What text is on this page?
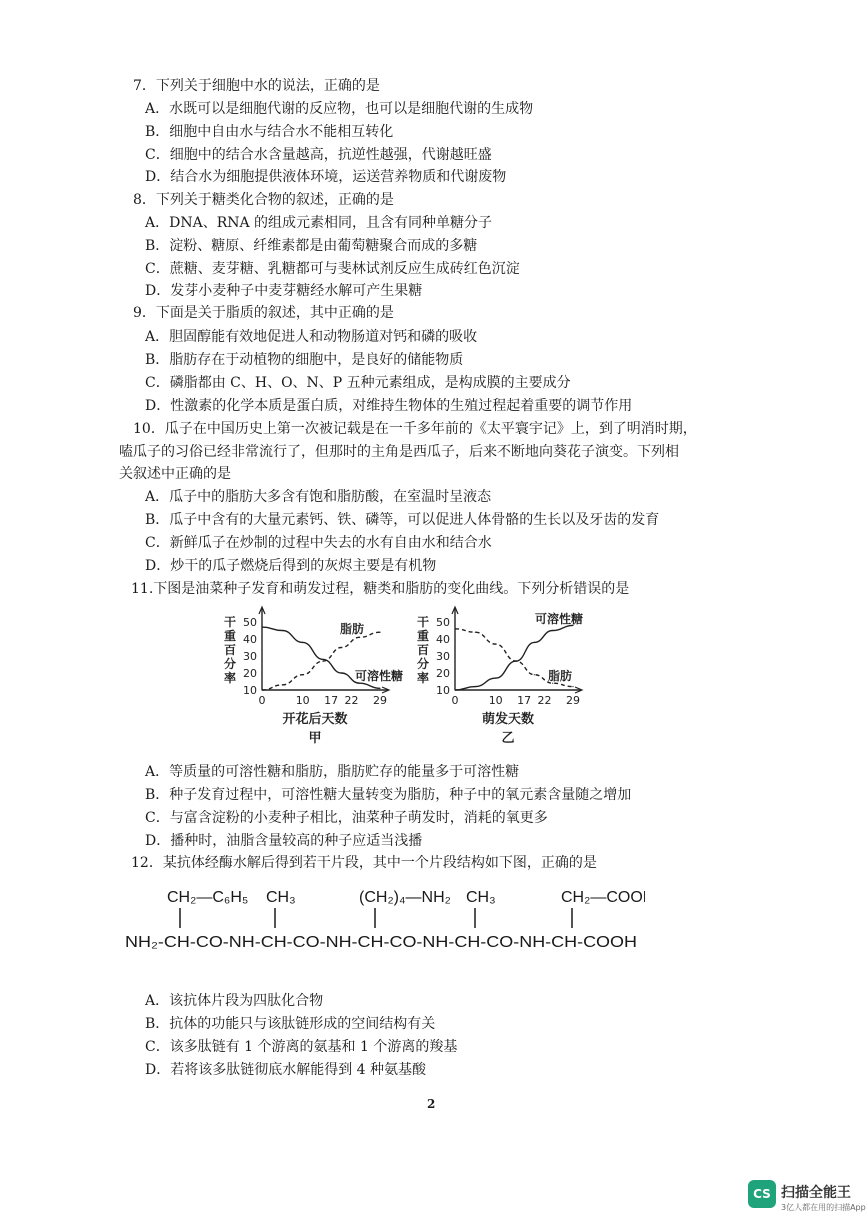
7．下列关于细胞中水的说法，正确的是
A．水既可以是细胞代谢的反应物，也可以是细胞代谢的生成物
B．细胞中自由水与结合水不能相互转化
C．细胞中的结合水含量越高，抗逆性越强，代谢越旺盛
D．结合水为细胞提供液体环境，运送营养物质和代谢废物
8．下列关于糖类化合物的叙述，正确的是
A．DNA、RNA 的组成元素相同，且含有同种单糖分子
B．淀粉、糖原、纤维素都是由葡萄糖聚合而成的多糖
C．蔗糖、麦芽糖、乳糖都可与斐林试剂反应生成砖红色沉淀
D．发芽小麦种子中麦芽糖经水解可产生果糖
9．下面是关于脂质的叙述，其中正确的是
A．胆固醇能有效地促进人和动物肠道对钙和磷的吸收
B．脂肪存在于动植物的细胞中，是良好的储能物质
C．磷脂都由 C、H、O、N、P 五种元素组成，是构成膜的主要成分
D．性激素的化学本质是蛋白质，对维持生物体的生殖过程起着重要的调节作用
10．瓜子在中国历史上第一次被记载是在一千多年前的《太平寰宇记》上，到了明消时期，
嗑瓜子的习俗已经非常流行了，但那时的主角是西瓜子，后来不断地向葵花子演变。下列相
关叙述中正确的是
A．瓜子中的脂肪大多含有饱和脂肪酸，在室温时呈液态
B．瓜子中含有的大量元素钙、铁、磷等，可以促进人体骨骼的生长以及牙齿的发育
C．新鲜瓜子在炒制的过程中失去的水有自由水和结合水
D．炒干的瓜子燃烧后得到的灰烬主要是有机物
11.下图是油菜种子发育和萌发过程，糖类和脂肪的变化曲线。下列分析错误的是
10
20
30
40
50
0	10 17 22 29
干
重
百
分
率
开花后天数
甲
脂肪
可溶性糖
10
20
30
40
50
0	10 17 22 29
干
重
百
分
率
萌发天数
乙
可溶性糖
脂肪
A．等质量的可溶性糖和脂肪，脂肪贮存的能量多于可溶性糖
B．种子发育过程中，可溶性糖大量转变为脂肪，种子中的氧元素含量随之增加
C．与富含淀粉的小麦种子相比，油菜种子萌发时，消耗的氧更多
D．播种时，油脂含量较高的种子应适当浅播
12．某抗体经酶水解后得到若干片段，其中一个片段结构如下图，正确的是
CH₂—C₆H₅ CH₃	(CH₂)₄—NH₂ CH₃	CH₂—COOH
NH₂-CH-CO-NH-CH-CO-NH-CH-CO-NH-CH-CO-NH-CH-COOH
A．该抗体片段为四肽化合物
B．抗体的功能只与该肽链形成的空间结构有关
C．该多肽链有 1 个游离的氨基和 1 个游离的羧基
D．若将该多肽链彻底水解能得到 4 种氨基酸
2
CS 扫描全能王
3亿人都在用的扫描App
